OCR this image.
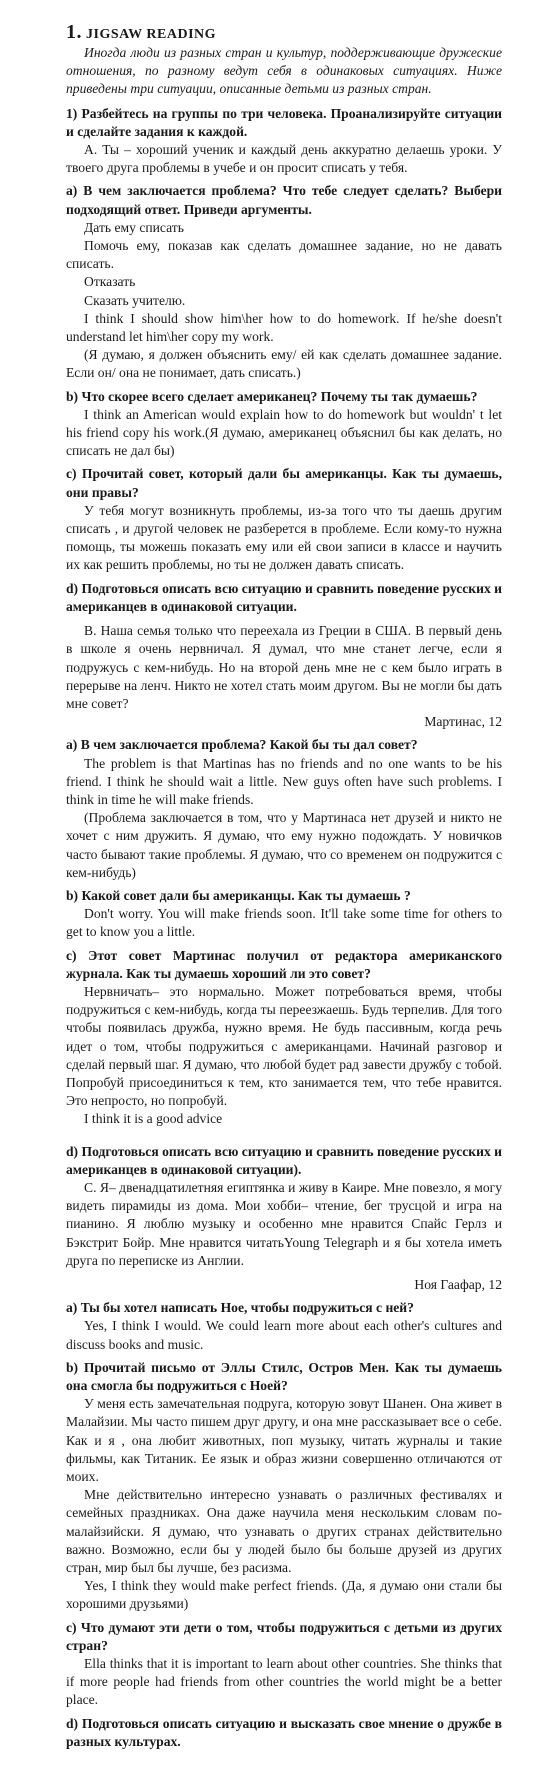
1. JIGSAW READING
Иногда люди из разных стран и культур, поддерживающие дружеские отношения, по разному ведут себя в одинаковых ситуациях. Ниже приведены три ситуации, описанные детьми из разных стран.
1) Разбейтесь на группы по три человека. Проанализируйте ситуации и сделайте задания к каждой.
А. Ты – хороший ученик и каждый день аккуратно делаешь уроки. У твоего друга проблемы в учебе и он просит списать у тебя.
a) В чем заключается проблема? Что тебе следует сделать? Выбери подходящий ответ. Приведи аргументы.
Дать ему списать
Помочь ему, показав как сделать домашнее задание, но не давать списать.
Отказать
Сказать учителю.
I think I should show him\her how to do homework. If he/she doesn't understand let him\her copy my work.
(Я думаю, я должен объяснить ему/ ей как сделать домашнее задание. Если он/ она не понимает, дать списать.)
b) Что скорее всего сделает американец? Почему ты так думаешь?
I think an American would explain how to do homework but wouldn' t let his friend copy his work.(Я думаю, американец объяснил бы как делать, но списать не дал бы)
c) Прочитай совет, который дали бы американцы. Как ты думаешь, они правы?
У тебя могут возникнуть проблемы, из-за того что ты даешь другим списать , и другой человек не разберется в проблеме. Если кому-то нужна помощь, ты можешь показать ему или ей свои записи в классе и научить их как решить проблемы, но ты не должен давать списать.
d) Подготовься описать всю ситуацию и сравнить поведение русских и американцев в одинаковой ситуации.
В. Наша семья только что переехала из Греции в США. В первый день в школе я очень нервничал. Я думал, что мне станет легче, если я подружусь с кем-нибудь. Но на второй день мне не с кем было играть в перерыве на ленч. Никто не хотел стать моим другом. Вы не могли бы дать мне совет?
Мартинас, 12
a) В чем заключается проблема? Какой бы ты дал совет?
The problem is that Martinas has no friends and no one wants to be his friend. I think he should wait a little. New guys often have such problems. I think in time he will make friends.
(Проблема заключается в том, что у Мартинаса нет друзей и никто не хочет с ним дружить. Я думаю, что ему нужно подождать. У новичков часто бывают такие проблемы. Я думаю, что со временем он подружится с кем-нибудь)
b) Какой совет дали бы американцы. Как ты думаешь ?
Don't worry. You will make friends soon. It'll take some time for others to get to know you a little.
c) Этот совет Мартинас получил от редактора американского журнала. Как ты думаешь хороший ли это совет?
Нервничать– это нормально. Может потребоваться время, чтобы подружиться с кем-нибудь, когда ты переезжаешь. Будь терпелив. Для того чтобы появилась дружба, нужно время. Не будь пассивным, когда речь идет о том, чтобы подружиться с американцами. Начинай разговор и сделай первый шаг. Я думаю, что любой будет рад завести дружбу с тобой. Попробуй присоединиться к тем, кто занимается тем, что тебе нравится. Это непросто, но попробуй.
I think it is a good advice
d) Подготовься описать всю ситуацию и сравнить поведение русских и американцев в одинаковой ситуации).
С. Я– двенадцатилетняя египтянка и живу в Каире. Мне повезло, я могу видеть пирамиды из дома. Мои хобби– чтение, бег трусцой и игра на пианино. Я люблю музыку и особенно мне нравится Спайс Герлз и Бэкстрит Бойр. Мне нравится читатьYoung Telegraph и я бы хотела иметь друга по переписке из Англии.
Ноя Гаафар, 12
a) Ты бы хотел написать Ное, чтобы подружиться с ней?
Yes, I think I would. We could learn more about each other's cultures and discuss books and music.
b) Прочитай письмо от Эллы Стилс, Остров Мен. Как ты думаешь она смогла бы подружиться с Ноей?
У меня есть замечательная подруга, которую зовут Шанен. Она живет в Малайзии. Мы часто пишем друг другу, и она мне рассказывает все о себе. Как и я , она любит животных, поп музыку, читать журналы и такие фильмы, как Титаник. Ее язык и образ жизни совершенно отличаются от моих.
Мне действительно интересно узнавать о различных фестивалях и семейных праздниках. Она даже научила меня нескольким словам по-малайзийски. Я думаю, что узнавать о других странах действительно важно. Возможно, если бы у людей было бы больше друзей из других стран, мир был бы лучше, без расизма.
Yes, I think they would make perfect friends. (Да, я думаю они стали бы хорошими друзьями)
c) Что думают эти дети о том, чтобы подружиться с детьми из других стран?
Ella thinks that it is important to learn about other countries. She thinks that if more people had friends from other countries the world might be a better place.
d) Подготовься описать ситуацию и высказать свое мнение о дружбе в разных культурах.
